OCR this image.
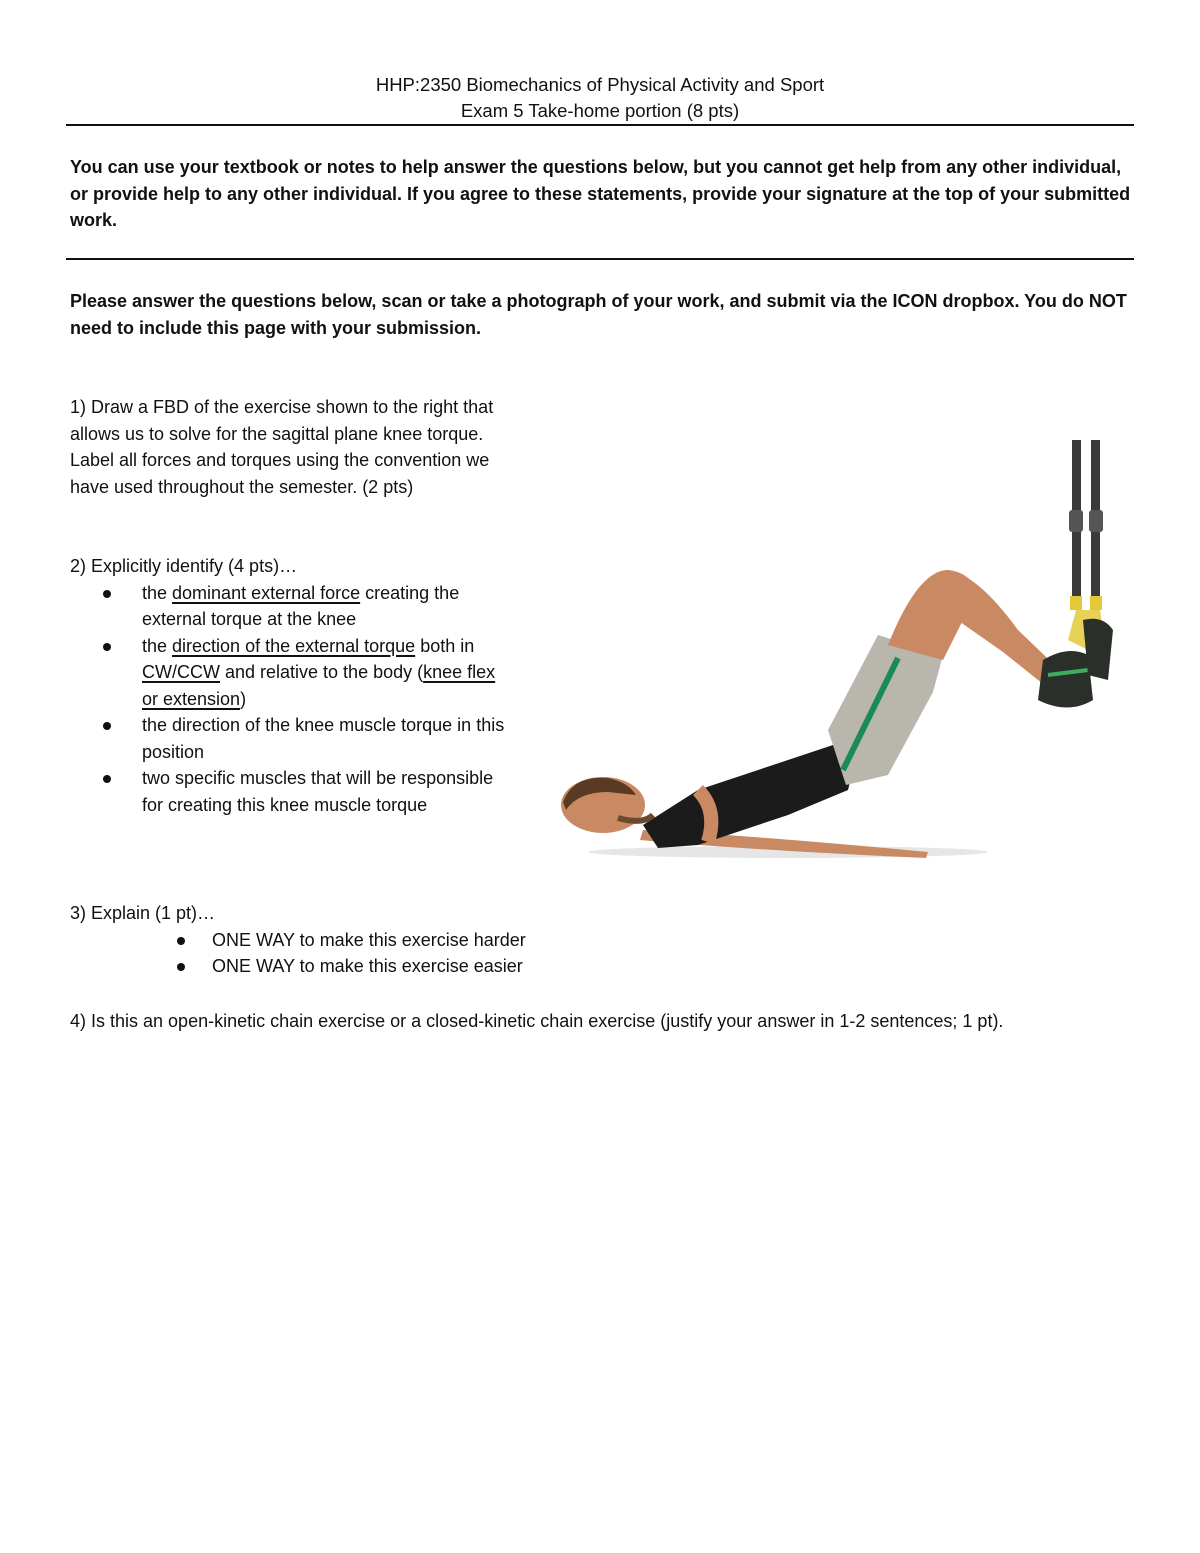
HHP:2350 Biomechanics of Physical Activity and Sport
Exam 5 Take-home portion (8 pts)
You can use your textbook or notes to help answer the questions below, but you cannot get help from any other individual, or provide help to any other individual. If you agree to these statements, provide your signature at the top of your submitted work.
Please answer the questions below, scan or take a photograph of your work, and submit via the ICON dropbox. You do NOT need to include this page with your submission.

1) Draw a FBD of the exercise shown to the right that allows us to solve for the sagittal plane knee torque. Label all forces and torques using the convention we have used throughout the semester. (2 pts)

2) Explicitly identify (4 pts)…

the dominant external force creating the external torque at the knee
the direction of the external torque both in CW/CCW and relative to the body (knee flex or extension)
the direction of the knee muscle torque in this position
two specific muscles that will be responsible for creating this knee muscle torque

3) Explain (1 pt)…

ONE WAY to make this exercise harder
ONE WAY to make this exercise easier
4) Is this an open-kinetic chain exercise or a closed-kinetic chain exercise (justify your answer in 1-2 sentences; 1 pt).
